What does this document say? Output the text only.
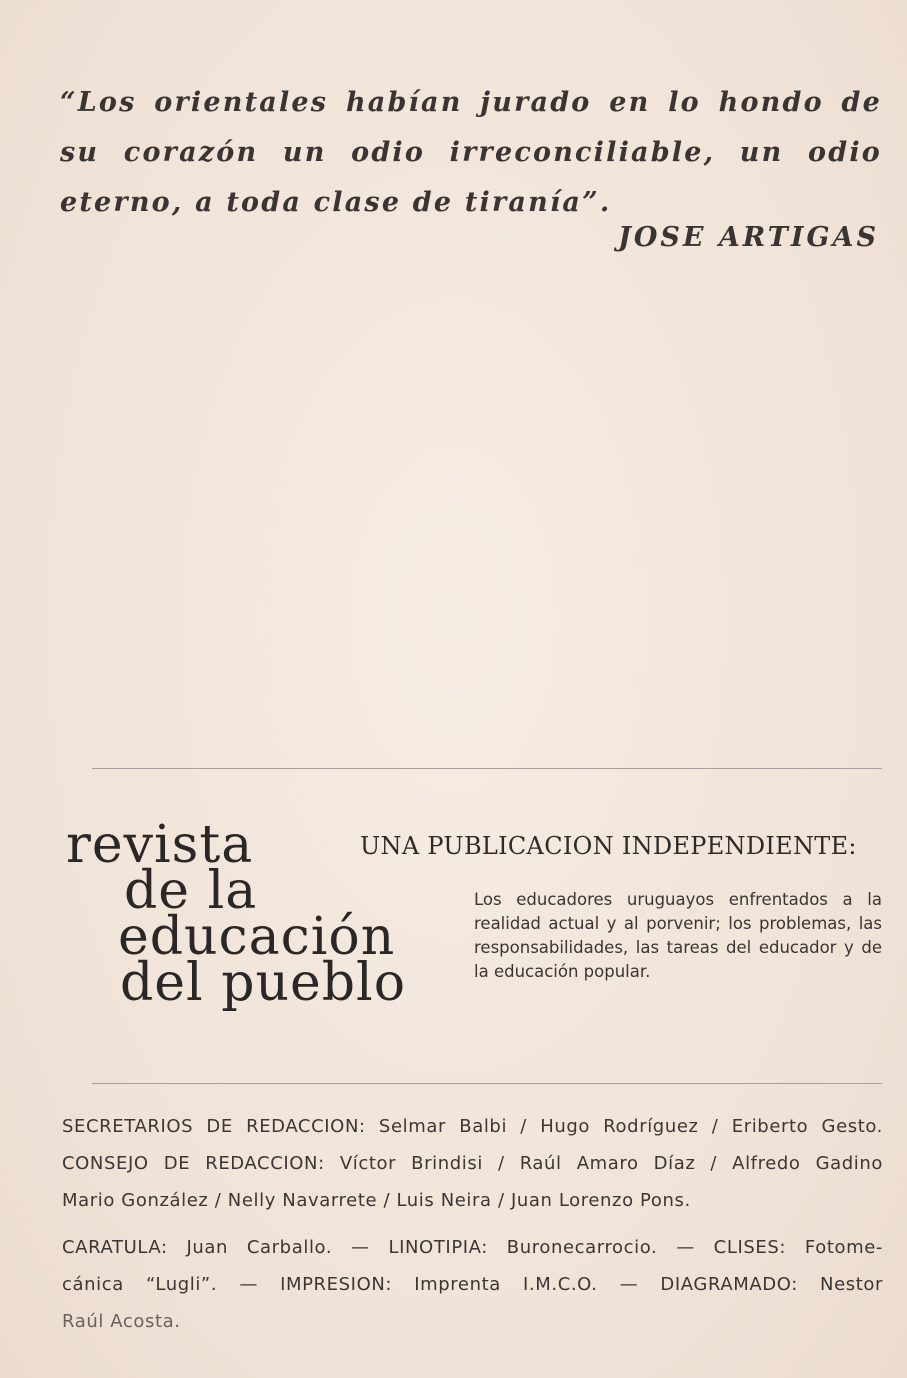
“Los orientales habían jurado en lo hondo de su corazón un odio irreconciliable, un odio eterno, a toda clase de tiranía”.
JOSE ARTIGAS
revista
de la
educación
del pueblo
UNA PUBLICACION INDEPENDIENTE:
Los educadores uruguayos enfrentados a la realidad actual y al porvenir; los problemas, las responsabilidades, las tareas del educador y de la educación popular.
SECRETARIOS DE REDACCION: Selmar Balbi / Hugo Rodríguez / Eriberto Gesto.
CONSEJO DE REDACCION: Víctor Brindisi / Raúl Amaro Díaz / Alfredo Gadino
Mario González / Nelly Navarrete / Luis Neira / Juan Lorenzo Pons.
CARATULA: Juan Carballo. — LINOTIPIA: Buronecarrocio. — CLISES: Fotome-
cánica “Lugli”. — IMPRESION: Imprenta I.M.C.O. — DIAGRAMADO: Nestor
Raúl Acosta.
